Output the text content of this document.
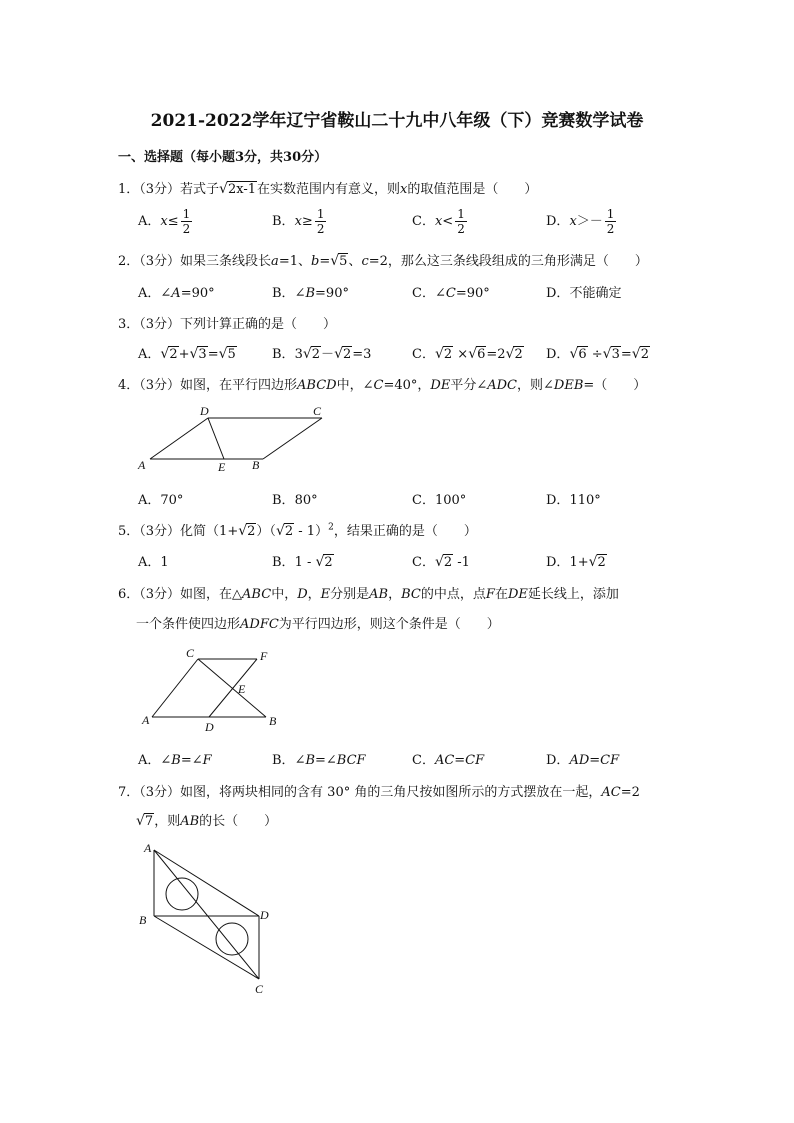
2021-2022学年辽宁省鞍山二十九中八年级（下）竞赛数学试卷
一、选择题（每小题3分，共30分）
1．（3分）若式子√2x-1在实数范围内有意义，则x的取值范围是（　　）
A．$x\le \frac{1}{2}$	B．$x\ge \frac{1}{2}$	C．$x< \frac{1}{2}$	D．$x>- \frac{1}{2}$
2．（3分）如果三条线段长a=1、b=√5、c=2，那么这三条线段组成的三角形满足（　　）
A．∠A=90°	B．∠B=90°	C．∠C=90°	D．不能确定
3．（3分）下列计算正确的是（　　）
A．√2+√3=√5	B．3√2－√2=3	C．√2 ×√6=2√2 D．√6 ÷√3=√2
4．（3分）如图，在平行四边形ABCD中，∠C=40°，DE平分∠ADC，则∠DEB=（　　）
A	B
C
D
E
A．70°	B．80°	C．100°	D．110°
5．（3分）化简（1+√2）（√2 - 1）$^2$，结果正确的是（　　）
A．1	B．1 - √2	C．√2 -1	D．1+√2
6．（3分）如图，在△ABC中，D，E分别是AB，BC的中点，点F在DE延长线上，添加
一个条件使四边形ADFC为平行四边形，则这个条件是（　　）
A	B
C
D
E
F
A．∠B=∠F	B．∠B=∠BCF	C．AC=CF	D．AD=CF
7．（3分）如图，将两块相同的含有 30° 角的三角尺按如图所示的方式摆放在一起，AC=2
√7，则AB的长（　　）
A
B	D
C
